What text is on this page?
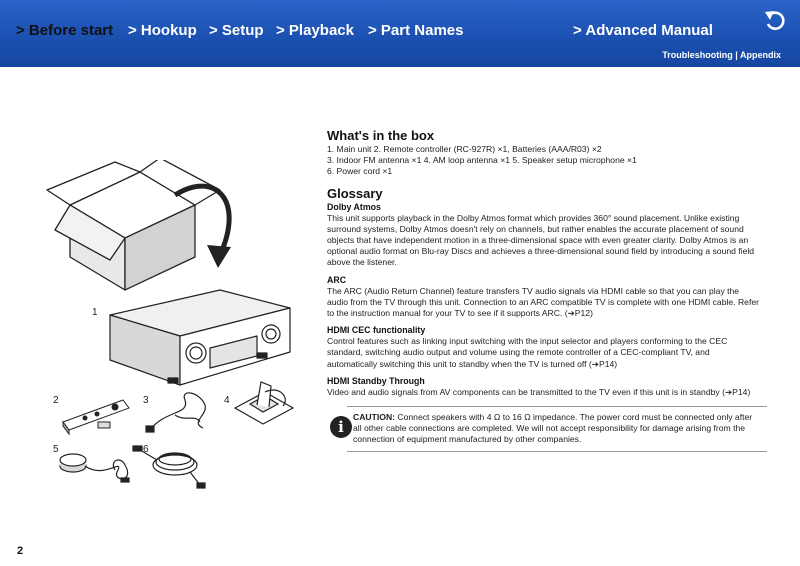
> Before start > Hookup > Setup > Playback > Part Names	> Advanced Manual
Troubleshooting | Appendix
1
2	3	4
5	6
What's in the box
1. Main unit 2. Remote controller (RC-927R) ×1, Batteries (AAA/R03) ×2
3. Indoor FM antenna ×1 4. AM loop antenna ×1 5. Speaker setup microphone ×1
6. Power cord ×1
Glossary
Dolby Atmos
This unit supports playback in the Dolby Atmos format which provides 360° sound placement. Unlike existing
surround systems, Dolby Atmos doesn't rely on channels, but rather enables the accurate placement of sound
objects that have independent motion in a three-dimensional space with even greater clarity. Dolby Atmos is an
optional audio format on Blu-ray Discs and achieves a three-dimensional sound field by introducing a sound field
above the listener.
ARC
The ARC (Audio Return Channel) feature transfers TV audio signals via HDMI cable so that you can play the
audio from the TV through this unit. Connection to an ARC compatible TV is complete with one HDMI cable. Refer
to the instruction manual for your TV to see if it supports ARC. (➔P12)
HDMI CEC functionality
Control features such as linking input switching with the input selector and players conforming to the CEC
standard, switching audio output and volume using the remote controller of a CEC-compliant TV, and
automatically switching this unit to standby when the TV is turned off (➔P14)
HDMI Standby Through
Video and audio signals from AV components can be transmitted to the TV even if this unit is in standby (➔P14)
i
CAUTION: Connect speakers with 4 Ω to 16 Ω impedance. The power cord must be connected only after
all other cable connections are completed. We will not accept responsibility for damage arising from the
connection of equipment manufactured by other companies.
2
